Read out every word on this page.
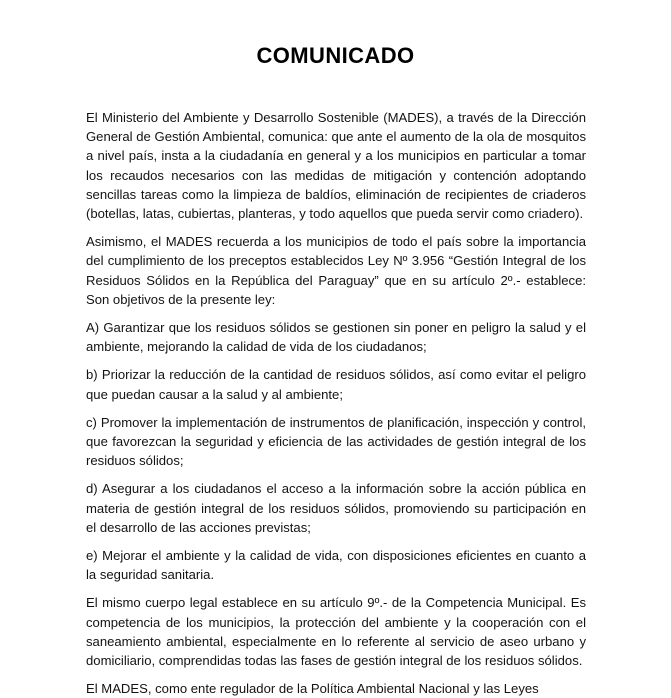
COMUNICADO

El Ministerio del Ambiente y Desarrollo Sostenible (MADES), a través de la Dirección General de Gestión Ambiental, comunica: que ante el aumento de la ola de mosquitos a nivel país, insta a la ciudadanía en general y a los municipios en particular a tomar los recaudos necesarios con las medidas de mitigación y contención adoptando sencillas tareas como la limpieza de baldíos, eliminación de recipientes de criaderos (botellas, latas, cubiertas, planteras, y todo aquellos que pueda servir como criadero).

Asimismo, el MADES recuerda a los municipios de todo el país sobre la importancia del cumplimiento de los preceptos establecidos Ley Nº 3.956 “Gestión Integral de los Residuos Sólidos en la República del Paraguay” que en su artículo 2º.- establece: Son objetivos de la presente ley:

A) Garantizar que los residuos sólidos se gestionen sin poner en peligro la salud y el ambiente, mejorando la calidad de vida de los ciudadanos;

b) Priorizar la reducción de la cantidad de residuos sólidos, así como evitar el peligro que puedan causar a la salud y al ambiente;

c) Promover la implementación de instrumentos de planificación, inspección y control, que favorezcan la seguridad y eficiencia de las actividades de gestión integral de los residuos sólidos;

d) Asegurar a los ciudadanos el acceso a la información sobre la acción pública en materia de gestión integral de los residuos sólidos, promoviendo su participación en el desarrollo de las acciones previstas;

e) Mejorar el ambiente y la calidad de vida, con disposiciones eficientes en cuanto a la seguridad sanitaria.

El mismo cuerpo legal establece en su artículo 9º.- de la Competencia Municipal. Es competencia de los municipios, la protección del ambiente y la cooperación con el saneamiento ambiental, especialmente en lo referente al servicio de aseo urbano y domiciliario, comprendidas todas las fases de gestión integral de los residuos sólidos.

El MADES, como ente regulador de la Política Ambiental Nacional y las Leyes
